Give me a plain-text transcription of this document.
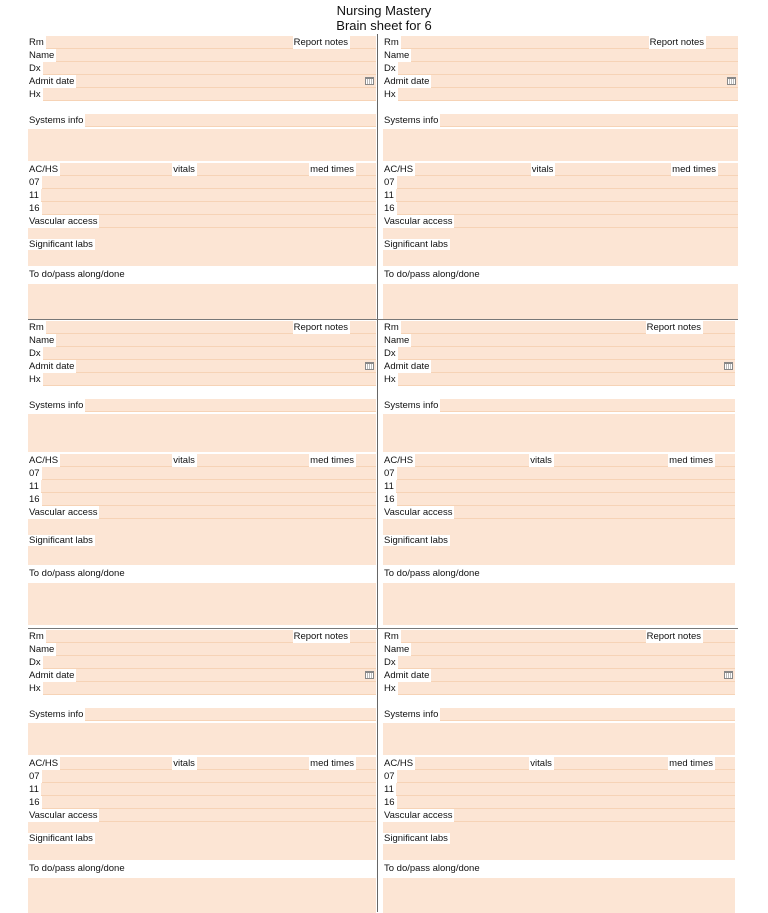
Nursing Mastery
Brain sheet for 6
Rm	Report notes
Name
Dx
Admit date
Hx
Systems info
AC/HS	vitals	med times
07
11
16
Vascular access
Significant labs
To do/pass along/done
Rm	Report notes
Name
Dx
Admit date
Hx
Systems info
AC/HS	vitals	med times
07
11
16
Vascular access
Significant labs
To do/pass along/done
Rm	Report notes
Name
Dx
Admit date
Hx
Systems info
AC/HS	vitals	med times
07
11
16
Vascular access
Significant labs
To do/pass along/done
Rm	Report notes
Name
Dx
Admit date
Hx
Systems info
AC/HS	vitals	med times
07
11
16
Vascular access
Significant labs
To do/pass along/done
Rm	Report notes
Name
Dx
Admit date
Hx
Systems info
AC/HS	vitals	med times
07
11
16
Vascular access
Significant labs
To do/pass along/done
Rm	Report notes
Name
Dx
Admit date
Hx
Systems info
AC/HS	vitals	med times
07
11
16
Vascular access
Significant labs
To do/pass along/done
